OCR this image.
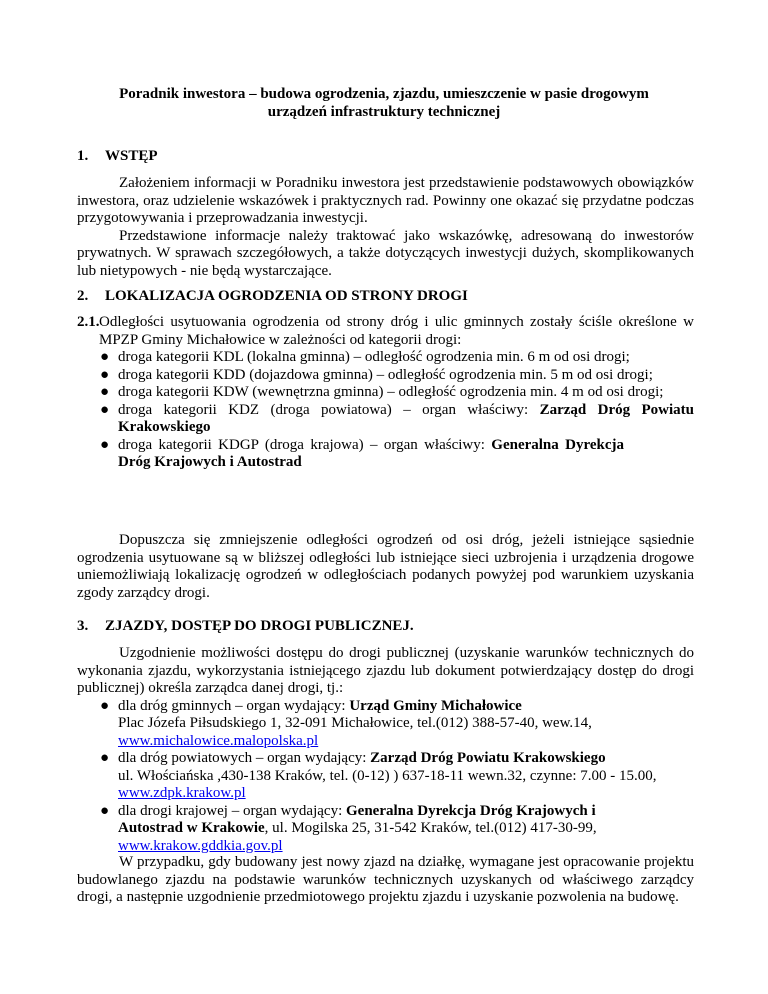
Poradnik inwestora – budowa ogrodzenia, zjazdu, umieszczenie w pasie drogowym
urządzeń infrastruktury technicznej
1. WSTĘP

Założeniem informacji w Poradniku inwestora jest przedstawienie podstawowych obowiązków inwestora, oraz udzielenie wskazówek i praktycznych rad. Powinny one okazać się przydatne podczas przygotowywania i przeprowadzania inwestycji.

Przedstawione informacje należy traktować jako wskazówkę, adresowaną do inwestorów prywatnych. W sprawach szczegółowych, a także dotyczących inwestycji dużych, skomplikowanych lub nietypowych - nie będą wystarczające.

2. LOKALIZACJA OGRODZENIA OD STRONY DROGI

2.1.Odległości usytuowania ogrodzenia od strony dróg i ulic gminnych zostały ściśle określone w MPZP Gminy Michałowice w zależności od kategorii drogi:

● droga kategorii KDL (lokalna gminna) – odległość ogrodzenia min. 6 m od osi drogi;
● droga kategorii KDD (dojazdowa gminna) – odległość ogrodzenia min. 5 m od osi drogi;
● droga kategorii KDW (wewnętrzna gminna) – odległość ogrodzenia min. 4 m od osi drogi;
● droga kategorii KDZ (droga powiatowa) – organ właściwy: Zarząd Dróg Powiatu Krakowskiego
● droga kategorii KDGP (droga krajowa) – organ właściwy: Generalna Dyrekcja Dróg Krajowych i Autostrad

Dopuszcza się zmniejszenie odległości ogrodzeń od osi dróg, jeżeli istniejące sąsiednie ogrodzenia usytuowane są w bliższej odległości lub istniejące sieci uzbrojenia i urządzenia drogowe uniemożliwiają lokalizację ogrodzeń w odległościach podanych powyżej pod warunkiem uzyskania zgody zarządcy drogi.

3. ZJAZDY, DOSTĘP DO DROGI PUBLICZNEJ.

Uzgodnienie możliwości dostępu do drogi publicznej (uzyskanie warunków technicznych do wykonania zjazdu, wykorzystania istniejącego zjazdu lub dokument potwierdzający dostęp do drogi publicznej) określa zarządca danej drogi, tj.:

● dla dróg gminnych – organ wydający: Urząd Gminy Michałowice
Plac Józefa Piłsudskiego 1, 32-091 Michałowice, tel.(012) 388-57-40, wew.14,
www.michalowice.malopolska.pl
● dla dróg powiatowych – organ wydający: Zarząd Dróg Powiatu Krakowskiego
ul. Włościańska ,430-138 Kraków, tel. (0-12) ) 637-18-11 wewn.32, czynne: 7.00 - 15.00, www.zdpk.krakow.pl
● dla drogi krajowej – organ wydający: Generalna Dyrekcja Dróg Krajowych i Autostrad w Krakowie, ul. Mogilska 25, 31-542 Kraków, tel.(012) 417-30-99,
www.krakow.gddkia.gov.pl

W przypadku, gdy budowany jest nowy zjazd na działkę, wymagane jest opracowanie projektu budowlanego zjazdu na podstawie warunków technicznych uzyskanych od właściwego zarządcy drogi, a następnie uzgodnienie przedmiotowego projektu zjazdu i uzyskanie pozwolenia na budowę.
